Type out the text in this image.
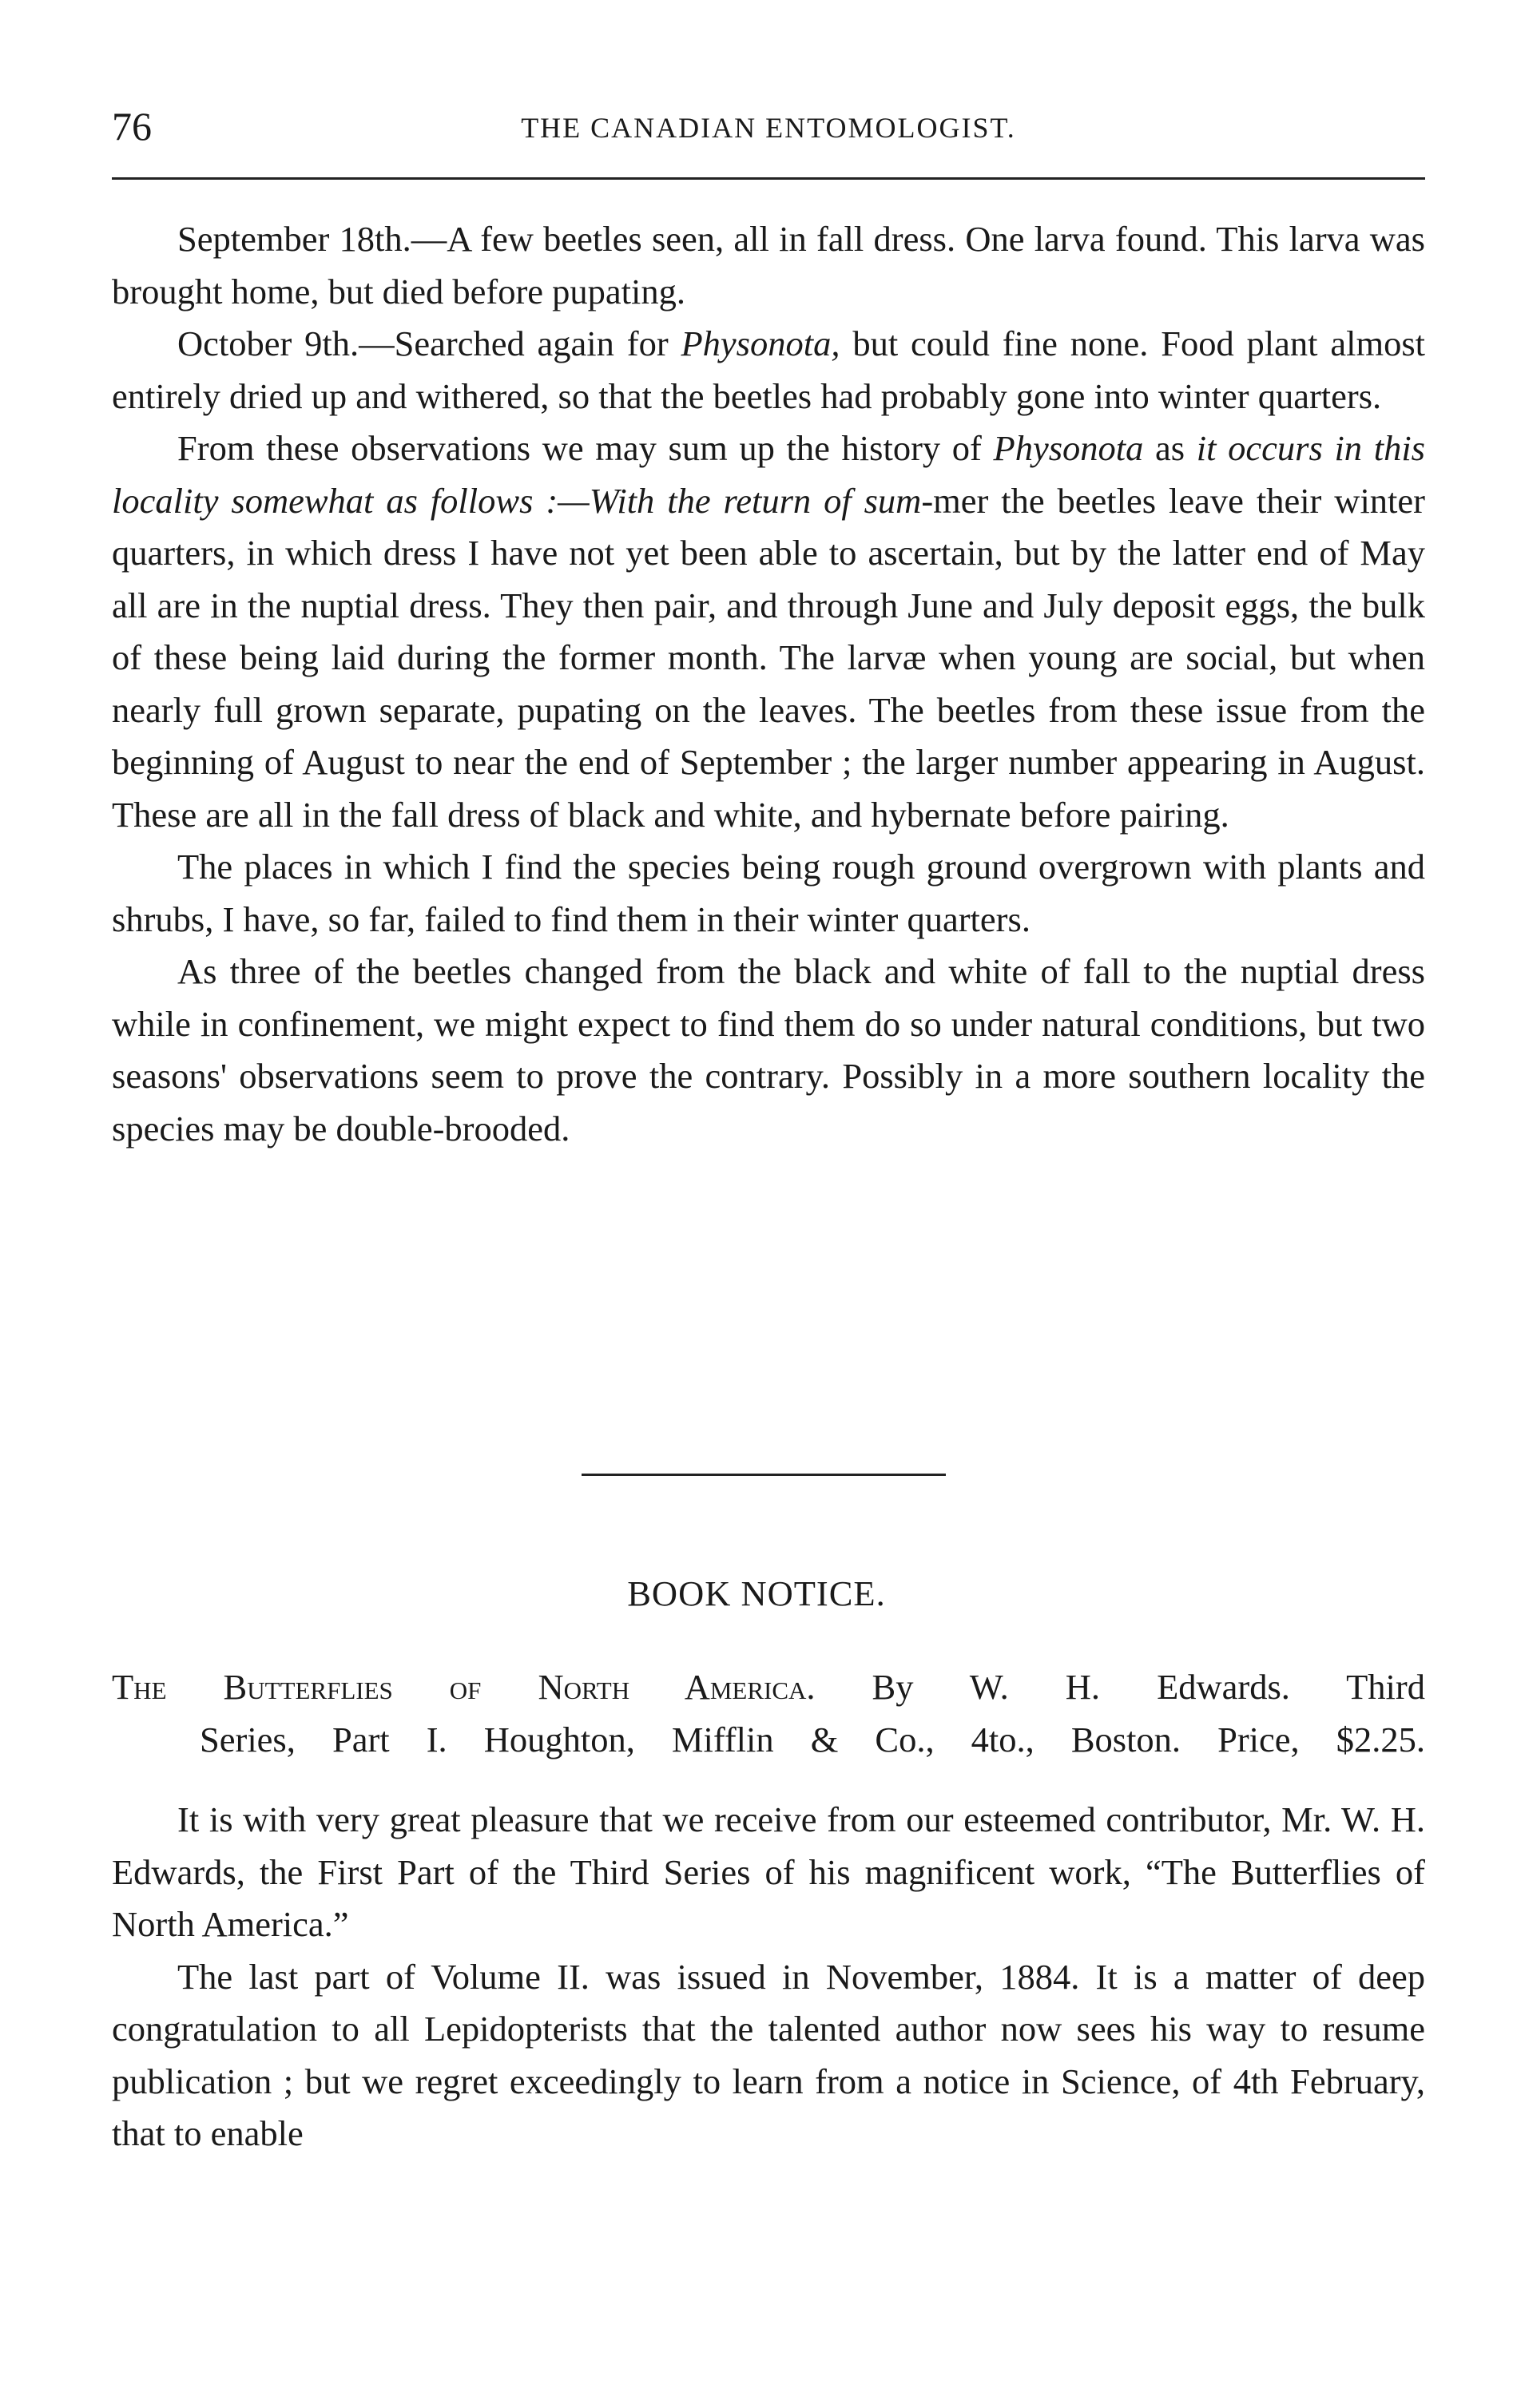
76	THE CANADIAN ENTOMOLOGIST.

September 18th.—A few beetles seen, all in fall dress. One larva found. This larva was brought home, but died before pupating.

October 9th.—Searched again for Physonota, but could fine none. Food plant almost entirely dried up and withered, so that the beetles had probably gone into winter quarters.

From these observations we may sum up the history of Physonota as it occurs in this locality somewhat as follows :—With the return of sum-mer the beetles leave their winter quarters, in which dress I have not yet been able to ascertain, but by the latter end of May all are in the nuptial dress. They then pair, and through June and July deposit eggs, the bulk of these being laid during the former month. The larvæ when young are social, but when nearly full grown separate, pupating on the leaves. The beetles from these issue from the beginning of August to near the end of September ; the larger number appearing in August. These are all in the fall dress of black and white, and hybernate before pairing.

The places in which I find the species being rough ground overgrown with plants and shrubs, I have, so far, failed to find them in their winter quarters.

As three of the beetles changed from the black and white of fall to the nuptial dress while in confinement, we might expect to find them do so under natural conditions, but two seasons' observations seem to prove the contrary. Possibly in a more southern locality the species may be double-brooded.

BOOK NOTICE.
The Butterflies of North America. By W. H. Edwards. Third
Series, Part I. Houghton, Mifflin & Co., 4to., Boston. Price, $2.25.

It is with very great pleasure that we receive from our esteemed contributor, Mr. W. H. Edwards, the First Part of the Third Series of his magnificent work, “The Butterflies of North America.”

The last part of Volume II. was issued in November, 1884. It is a matter of deep congratulation to all Lepidopterists that the talented author now sees his way to resume publication ; but we regret exceedingly to learn from a notice in Science, of 4th February, that to enable
